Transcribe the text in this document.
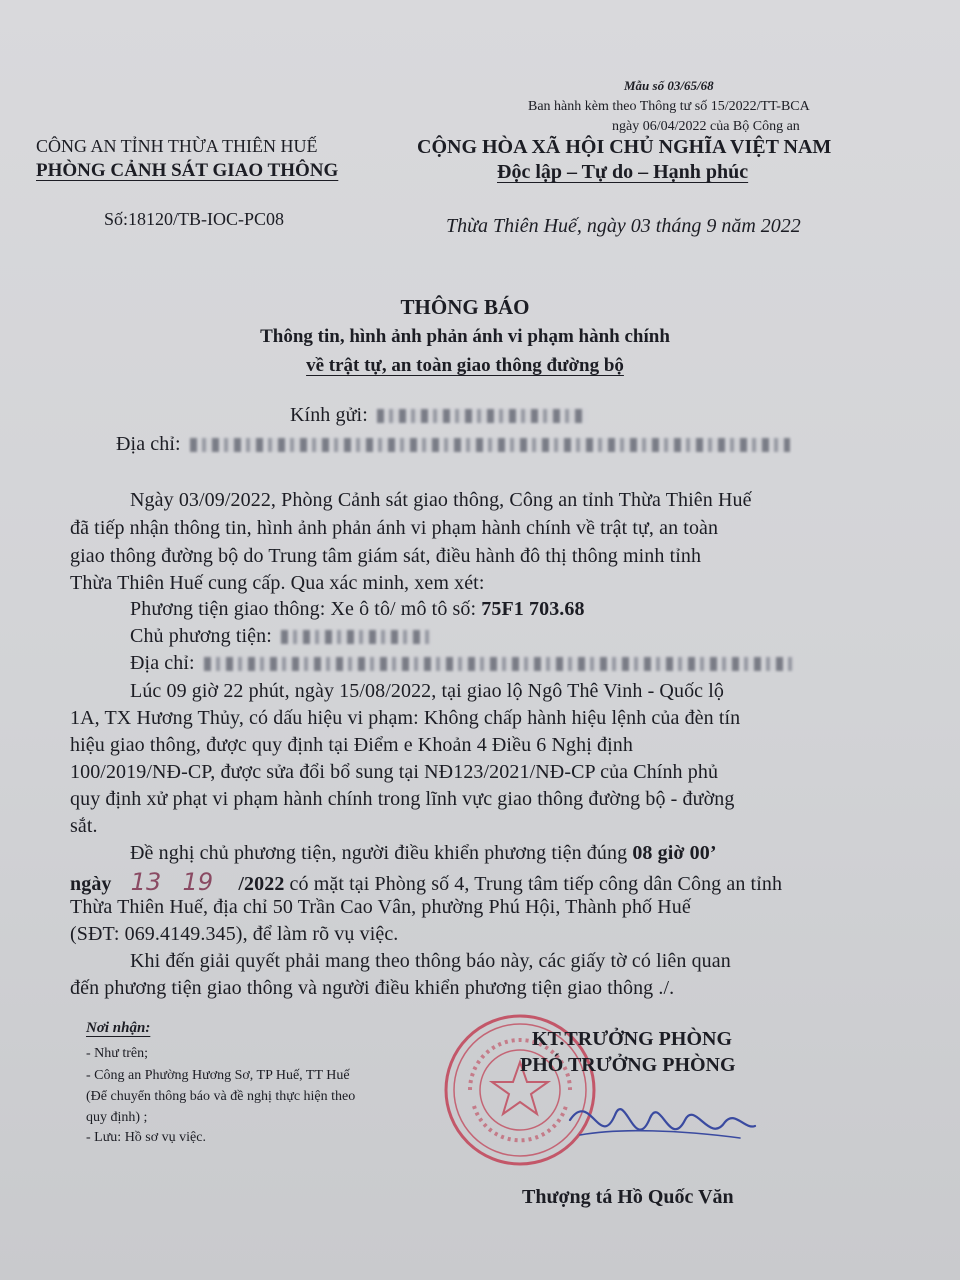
Mẫu số 03/65/68
Ban hành kèm theo Thông tư số 15/2022/TT-BCA
ngày 06/04/2022 của Bộ Công an
CÔNG AN TỈNH THỪA THIÊN HUẾ
PHÒNG CẢNH SÁT GIAO THÔNG
CỘNG HÒA XÃ HỘI CHỦ NGHĨA VIỆT NAM
Độc lập – Tự do – Hạnh phúc
Số:18120/TB-IOC-PC08	Thừa Thiên Huế, ngày 03 tháng 9 năm 2022
THÔNG BÁO
Thông tin, hình ảnh phản ánh vi phạm hành chính
về trật tự, an toàn giao thông đường bộ
Kính gửi:
Địa chỉ:
Ngày 03/09/2022, Phòng Cảnh sát giao thông, Công an tỉnh Thừa Thiên Huế
đã tiếp nhận thông tin, hình ảnh phản ánh vi phạm hành chính về trật tự, an toàn
giao thông đường bộ do Trung tâm giám sát, điều hành đô thị thông minh tỉnh
Thừa Thiên Huế cung cấp. Qua xác minh, xem xét:
Phương tiện giao thông: Xe ô tô/ mô tô số: 75F1 703.68
Chủ phương tiện:
Địa chỉ:
Lúc 09 giờ 22 phút, ngày 15/08/2022, tại giao lộ Ngô Thê Vinh - Quốc lộ
1A, TX Hương Thủy, có dấu hiệu vi phạm: Không chấp hành hiệu lệnh của đèn tín
hiệu giao thông, được quy định tại Điểm e Khoản 4 Điều 6 Nghị định
100/2019/NĐ-CP, được sửa đổi bổ sung tại NĐ123/2021/NĐ-CP của Chính phủ
quy định xử phạt vi phạm hành chính trong lĩnh vực giao thông đường bộ - đường
sắt.
Đề nghị chủ phương tiện, người điều khiển phương tiện đúng 08 giờ 00’
ngày 13 19 /2022 có mặt tại Phòng số 4, Trung tâm tiếp công dân Công an tỉnh
Thừa Thiên Huế, địa chỉ 50 Trần Cao Vân, phường Phú Hội, Thành phố Huế
(SĐT: 069.4149.345), để làm rõ vụ việc.
Khi đến giải quyết phải mang theo thông báo này, các giấy tờ có liên quan
đến phương tiện giao thông và người điều khiển phương tiện giao thông ./.
Nơi nhận:
- Như trên;
- Công an Phường Hương Sơ, TP Huế, TT Huế
(Để chuyển thông báo và đề nghị thực hiện theo
quy định) ;
- Lưu: Hồ sơ vụ việc.
KT.TRƯỞNG PHÒNG
PHÓ TRƯỞNG PHÒNG
Thượng tá Hồ Quốc Văn
